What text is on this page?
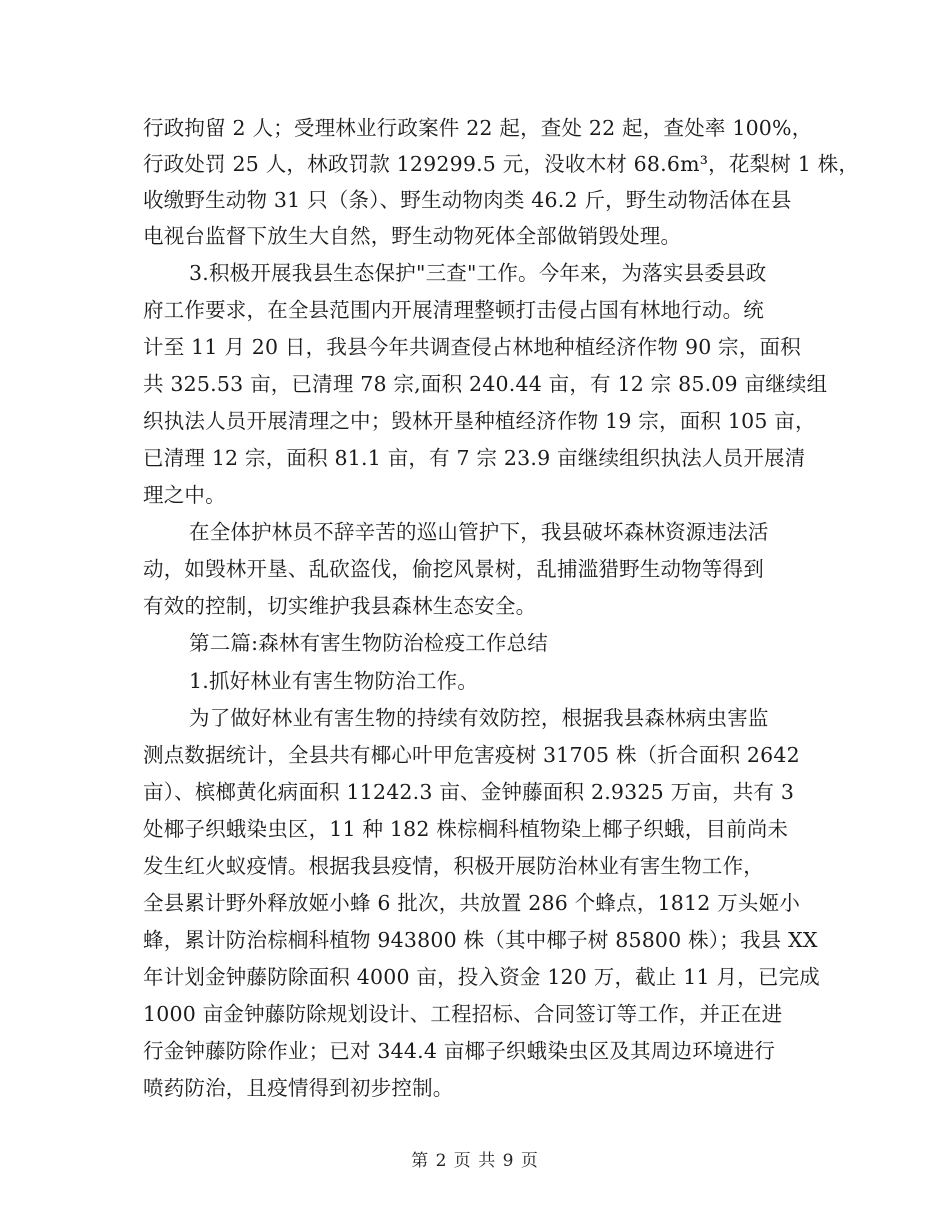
行政拘留 2 人；受理林业行政案件 22 起，查处 22 起，查处率 100%，
行政处罚 25 人，林政罚款 129299.5 元，没收木材 68.6m³，花梨树 1 株，
收缴野生动物 31 只（条）、野生动物肉类 46.2 斤，野生动物活体在县
电视台监督下放生大自然，野生动物死体全部做销毁处理。
3.积极开展我县生态保护"三查"工作。今年来，为落实县委县政
府工作要求，在全县范围内开展清理整顿打击侵占国有林地行动。统
计至 11 月 20 日，我县今年共调查侵占林地种植经济作物 90 宗，面积
共 325.53 亩，已清理 78 宗,面积 240.44 亩，有 12 宗 85.09 亩继续组
织执法人员开展清理之中；毁林开垦种植经济作物 19 宗，面积 105 亩，
已清理 12 宗，面积 81.1 亩，有 7 宗 23.9 亩继续组织执法人员开展清
理之中。
在全体护林员不辞辛苦的巡山管护下，我县破坏森林资源违法活
动，如毁林开垦、乱砍盗伐，偷挖风景树，乱捕滥猎野生动物等得到
有效的控制，切实维护我县森林生态安全。
第二篇:森林有害生物防治检疫工作总结
1.抓好林业有害生物防治工作。
为了做好林业有害生物的持续有效防控，根据我县森林病虫害监
测点数据统计，全县共有椰心叶甲危害疫树 31705 株（折合面积 2642
亩）、槟榔黄化病面积 11242.3 亩、金钟藤面积 2.9325 万亩，共有 3
处椰子织蛾染虫区，11 种 182 株棕榈科植物染上椰子织蛾，目前尚未
发生红火蚁疫情。根据我县疫情，积极开展防治林业有害生物工作，
全县累计野外释放姬小蜂 6 批次，共放置 286 个蜂点，1812 万头姬小
蜂，累计防治棕榈科植物 943800 株（其中椰子树 85800 株）；我县 XX
年计划金钟藤防除面积 4000 亩，投入资金 120 万，截止 11 月，已完成
1000 亩金钟藤防除规划设计、工程招标、合同签订等工作，并正在进
行金钟藤防除作业；已对 344.4 亩椰子织蛾染虫区及其周边环境进行
喷药防治，且疫情得到初步控制。
第 2 页 共 9 页
